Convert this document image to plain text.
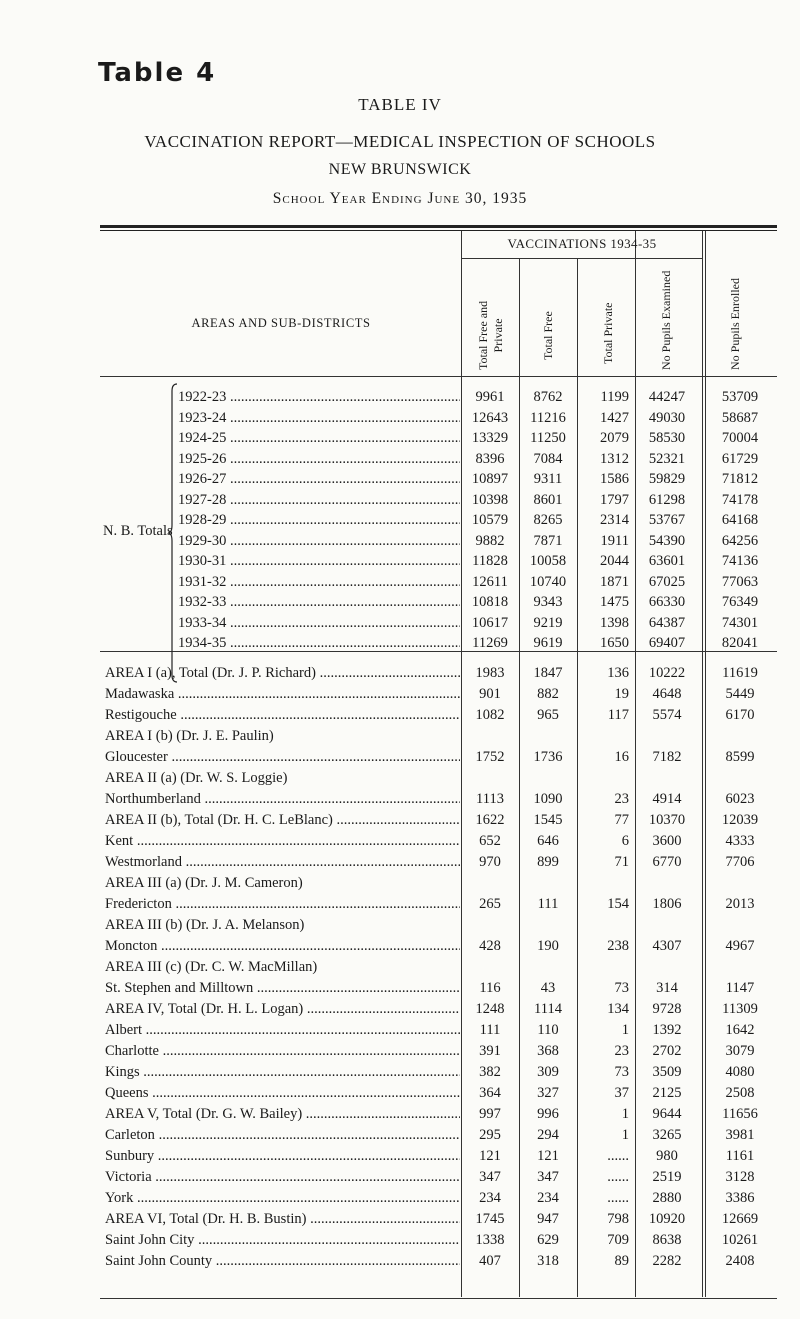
Table 4
TABLE IV
VACCINATION REPORT—MEDICAL INSPECTION OF SCHOOLS
NEW BRUNSWICK
School Year Ending June 30, 1935
AREAS AND SUB-DISTRICTS
VACCINATIONS 1934-35
Total Free and Private	Total Free	Total Private	No Pupils Examined	No Pupils Enrolled
N. B. Totals
1922-23 .....	9961	8762	1199	44247	53709
1923-24 .....	12643	11216	1427	49030	58687
1924-25 .....	13329	11250	2079	58530	70004
1925-26 .....	8396	7084	1312	52321	61729
1926-27 .....	10897	9311	1586	59829	71812
1927-28 .....	10398	8601	1797	61298	74178
1928-29 .....	10579	8265	2314	53767	64168
1929-30 .....	9882	7871	1911	54390	64256
1930-31 .....	11828	10058	2044	63601	74136
1931-32 .....	12611	10740	1871	67025	77063
1932-33 .....	10818	9343	1475	66330	76349
1933-34 .....	10617	9219	1398	64387	74301
1934-35 .....	11269	9619	1650	69407	82041
AREA I (a), Total (Dr. J. P. Richard) .....	1983	1847	136	10222	11619
Madawaska .....	901	882	19	4648	5449
Restigouche .....	1082	965	117	5574	6170
AREA I (b) (Dr. J. E. Paulin)
Gloucester .....	1752	1736	16	7182	8599
AREA II (a) (Dr. W. S. Loggie)
Northumberland .....	1113	1090	23	4914	6023
AREA II (b), Total (Dr. H. C. LeBlanc) .....	1622	1545	77	10370	12039
Kent .....	652	646	6	3600	4333
Westmorland .....	970	899	71	6770	7706
AREA III (a) (Dr. J. M. Cameron)
Fredericton .....	265	111	154	1806	2013
AREA III (b) (Dr. J. A. Melanson)
Moncton .....	428	190	238	4307	4967
AREA III (c) (Dr. C. W. MacMillan)
St. Stephen and Milltown .....	116	43	73	314	1147
AREA IV, Total (Dr. H. L. Logan) .....	1248	1114	134	9728	11309
Albert .....	111	110	1	1392	1642
Charlotte .....	391	368	23	2702	3079
Kings .....	382	309	73	3509	4080
Queens .....	364	327	37	2125	2508
AREA V, Total (Dr. G. W. Bailey) .....	997	996	1	9644	11656
Carleton .....	295	294	1	3265	3981
Sunbury .....	121	121	......	980	1161
Victoria .....	347	347	......	2519	3128
York .....	234	234	......	2880	3386
AREA VI, Total (Dr. H. B. Bustin) .....	1745	947	798	10920	12669
Saint John City .....	1338	629	709	8638	10261
Saint John County .....	407	318	89	2282	2408
